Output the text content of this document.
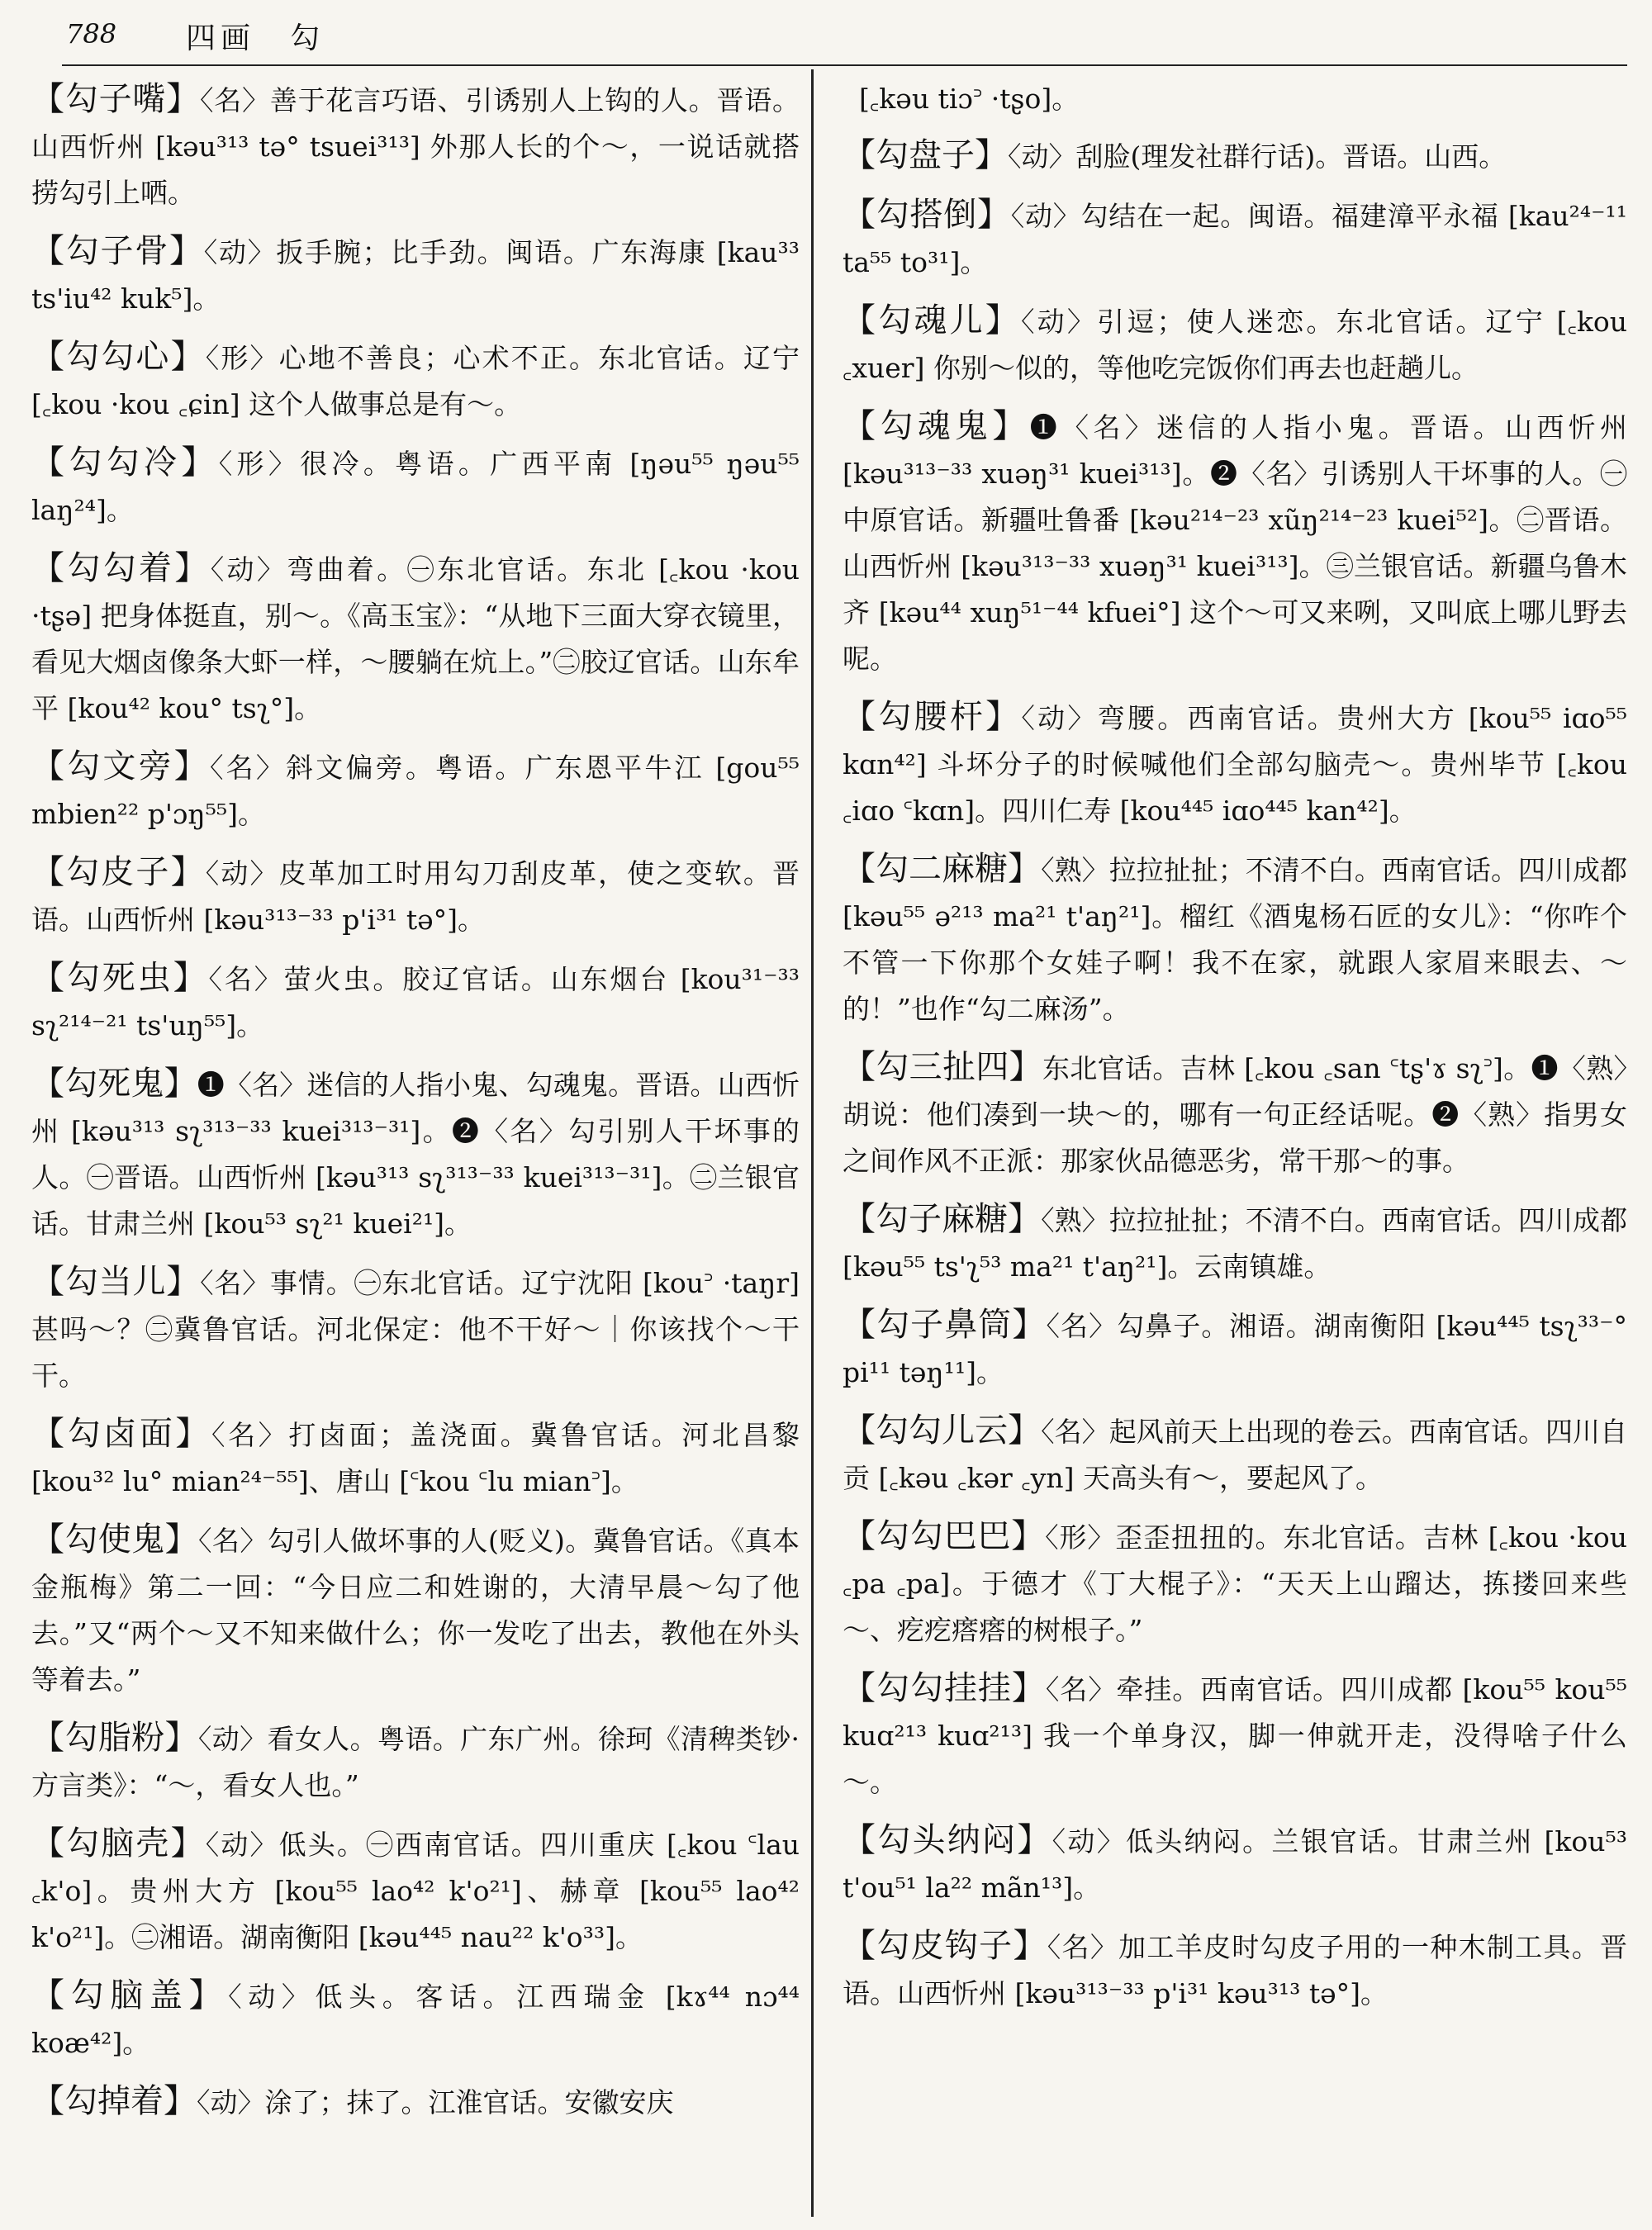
788 四画　勾
【勾子嘴】〈名〉善于花言巧语、引诱别人上钩的人。晋语。山西忻州 [kəu³¹³ tə° tsuei³¹³] 外那人长的个～，一说话就搭捞勾引上哂。
【勾子骨】〈动〉扳手腕；比手劲。闽语。广东海康 [kau³³ ts'iu⁴² kuk⁵]。
【勾勾心】〈形〉心地不善良；心术不正。东北官话。辽宁 [꜀kou ·kou ꜀ɕin] 这个人做事总是有～。
【勾勾冷】〈形〉很冷。粤语。广西平南 [ŋəu⁵⁵ ŋəu⁵⁵ laŋ²⁴]。
【勾勾着】〈动〉弯曲着。㊀东北官话。东北 [꜀kou ·kou ·tʂə] 把身体挺直，别～。《高玉宝》：“从地下三面大穿衣镜里，看见大烟卤像条大虾一样，～腰躺在炕上。”㊁胶辽官话。山东牟平 [kou⁴² kou° tsʅ°]。
【勾文旁】〈名〉斜文偏旁。粤语。广东恩平牛江 [gou⁵⁵ mbien²² p'ɔŋ⁵⁵]。
【勾皮子】〈动〉皮革加工时用勾刀刮皮革，使之变软。晋语。山西忻州 [kəu³¹³⁻³³ p'i³¹ tə°]。
【勾死虫】〈名〉萤火虫。胶辽官话。山东烟台 [kou³¹⁻³³ sʅ²¹⁴⁻²¹ ts'uŋ⁵⁵]。
【勾死鬼】❶〈名〉迷信的人指小鬼、勾魂鬼。晋语。山西忻州 [kəu³¹³ sʅ³¹³⁻³³ kuei³¹³⁻³¹]。❷〈名〉勾引别人干坏事的人。㊀晋语。山西忻州 [kəu³¹³ sʅ³¹³⁻³³ kuei³¹³⁻³¹]。㊁兰银官话。甘肃兰州 [kou⁵³ sʅ²¹ kuei²¹]。
【勾当儿】〈名〉事情。㊀东北官话。辽宁沈阳 [kou꜄ ·taŋr] 甚吗～？㊁冀鲁官话。河北保定：他不干好～｜你该找个～干干。
【勾卤面】〈名〉打卤面；盖浇面。冀鲁官话。河北昌黎 [kou³² lu° mian²⁴⁻⁵⁵]、唐山 [꜂kou ꜂lu mian꜄]。
【勾使鬼】〈名〉勾引人做坏事的人(贬义)。冀鲁官话。《真本金瓶梅》第二一回：“今日应二和姓谢的，大清早晨～勾了他去。”又“两个～又不知来做什么；你一发吃了出去，教他在外头等着去。”
【勾脂粉】〈动〉看女人。粤语。广东广州。徐珂《清稗类钞·方言类》：“～，看女人也。”
【勾脑壳】〈动〉低头。㊀西南官话。四川重庆 [꜀kou ꜂lau ꜀k'o]。贵州大方 [kou⁵⁵ lao⁴² k'o²¹]、赫章 [kou⁵⁵ lao⁴² k'o²¹]。㊁湘语。湖南衡阳 [kəu⁴⁴⁵ nau²² k'o³³]。
【勾脑盖】〈动〉低头。客话。江西瑞金 [kɤ⁴⁴ nɔ⁴⁴ koæ⁴²]。
【勾掉着】〈动〉涂了；抹了。江淮官话。安徽安庆
[꜀kəu tiɔ꜄ ·tʂo]。
【勾盘子】〈动〉刮脸(理发社群行话)。晋语。山西。
【勾搭倒】〈动〉勾结在一起。闽语。福建漳平永福 [kau²⁴⁻¹¹ ta⁵⁵ to³¹]。
【勾魂儿】〈动〉引逗；使人迷恋。东北官话。辽宁 [꜀kou ꜀xuer] 你别～似的，等他吃完饭你们再去也赶趟儿。
【勾魂鬼】❶〈名〉迷信的人指小鬼。晋语。山西忻州 [kəu³¹³⁻³³ xuəŋ³¹ kuei³¹³]。❷〈名〉引诱别人干坏事的人。㊀中原官话。新疆吐鲁番 [kəu²¹⁴⁻²³ xũŋ²¹⁴⁻²³ kuei⁵²]。㊁晋语。山西忻州 [kəu³¹³⁻³³ xuəŋ³¹ kuei³¹³]。㊂兰银官话。新疆乌鲁木齐 [kəu⁴⁴ xuŋ⁵¹⁻⁴⁴ kfuei°] 这个～可又来咧，又叫底上哪儿野去呢。
【勾腰杆】〈动〉弯腰。西南官话。贵州大方 [kou⁵⁵ iɑo⁵⁵ kɑn⁴²] 斗坏分子的时候喊他们全部勾脑壳～。贵州毕节 [꜀kou ꜀iɑo ꜂kɑn]。四川仁寿 [kou⁴⁴⁵ iɑo⁴⁴⁵ kan⁴²]。
【勾二麻糖】〈熟〉拉拉扯扯；不清不白。西南官话。四川成都 [kəu⁵⁵ ə²¹³ ma²¹ t'aŋ²¹]。榴红《酒鬼杨石匠的女儿》：“你咋个不管一下你那个女娃子啊！我不在家，就跟人家眉来眼去、～的！”也作“勾二麻汤”。
【勾三扯四】东北官话。吉林 [꜀kou ꜀san ꜂tʂ'ɤ sʅ꜄]。❶〈熟〉胡说：他们凑到一块～的，哪有一句正经话呢。❷〈熟〉指男女之间作风不正派：那家伙品德恶劣，常干那～的事。
【勾子麻糖】〈熟〉拉拉扯扯；不清不白。西南官话。四川成都 [kəu⁵⁵ ts'ʅ⁵³ ma²¹ t'aŋ²¹]。云南镇雄。
【勾子鼻筒】〈名〉勾鼻子。湘语。湖南衡阳 [kəu⁴⁴⁵ tsʅ³³⁻° pi¹¹ təŋ¹¹]。
【勾勾儿云】〈名〉起风前天上出现的卷云。西南官话。四川自贡 [꜀kəu ꜀kər ꜀yn] 天高头有～，要起风了。
【勾勾巴巴】〈形〉歪歪扭扭的。东北官话。吉林 [꜀kou ·kou ꜀pa ꜀pa]。于德才《丁大棍子》：“天天上山蹓达，拣搂回来些～、疙疙瘩瘩的树根子。”
【勾勾挂挂】〈名〉牵挂。西南官话。四川成都 [kou⁵⁵ kou⁵⁵ kuɑ²¹³ kuɑ²¹³] 我一个单身汉，脚一伸就开走，没得啥子什么～。
【勾头纳闷】〈动〉低头纳闷。兰银官话。甘肃兰州 [kou⁵³ t'ou⁵¹ la²² mãn¹³]。
【勾皮钩子】〈名〉加工羊皮时勾皮子用的一种木制工具。晋语。山西忻州 [kəu³¹³⁻³³ p'i³¹ kəu³¹³ tə°]。
